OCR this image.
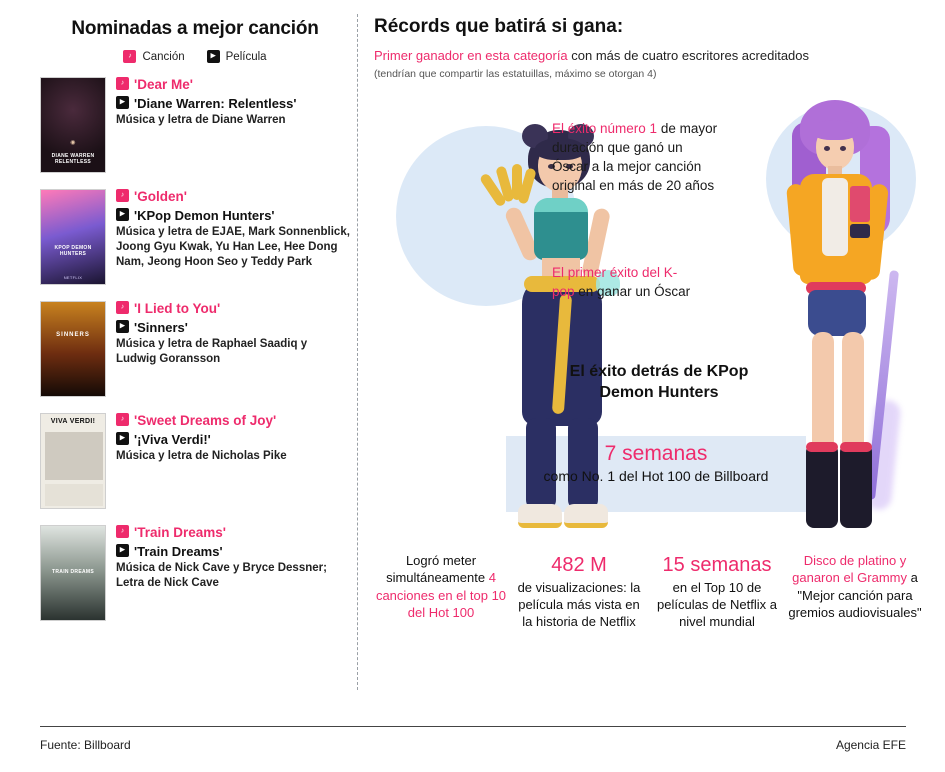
Nominadas a mejor canción
♪ Canción	▶ Película
◉
DIANE WARREN RELENTLESS
♪ 'Dear Me'
▶ 'Diane Warren: Relentless'
Música y letra de Diane Warren
KPOP DEMON HUNTERS
NETFLIX
♪ 'Golden'
▶ 'KPop Demon Hunters'
Música y letra de EJAE, Mark Sonnenblick, Joong Gyu Kwak, Yu Han Lee, Hee Dong Nam, Jeong Hoon Seo y Teddy Park
SINNERS
♪ 'I Lied to You'
▶ 'Sinners'
Música y letra de Raphael Saadiq y Ludwig Goransson
VIVA VERDI!	♪ 'Sweet Dreams of Joy'
▶ '¡Viva Verdi!'
Música y letra de Nicholas Pike
TRAIN DREAMS
♪ 'Train Dreams'
▶ 'Train Dreams'
Música de Nick Cave y Bryce Dessner; Letra de Nick Cave
Récords que batirá si gana:
Primer ganador en esta categoría con más de cuatro escritores acreditados
(tendrían que compartir las estatuillas, máximo se otorgan 4)
El éxito número 1 de mayor duración que ganó un Óscar a la mejor canción original en más de 20 años
El primer éxito del K-pop en ganar un Óscar
El éxito detrás de KPop Demon Hunters
7 semanas
como No. 1 del Hot 100 de Billboard
Logró meter simultáneamente 4 canciones en el top 10 del Hot 100
482 M
de visualizaciones: la película más vista en la historia de Netflix
15 semanas
en el Top 10 de películas de Netflix a nivel mundial
Disco de platino y ganaron el Grammy a "Mejor canción para gremios audiovisuales"
Fuente: Billboard	Agencia EFE
